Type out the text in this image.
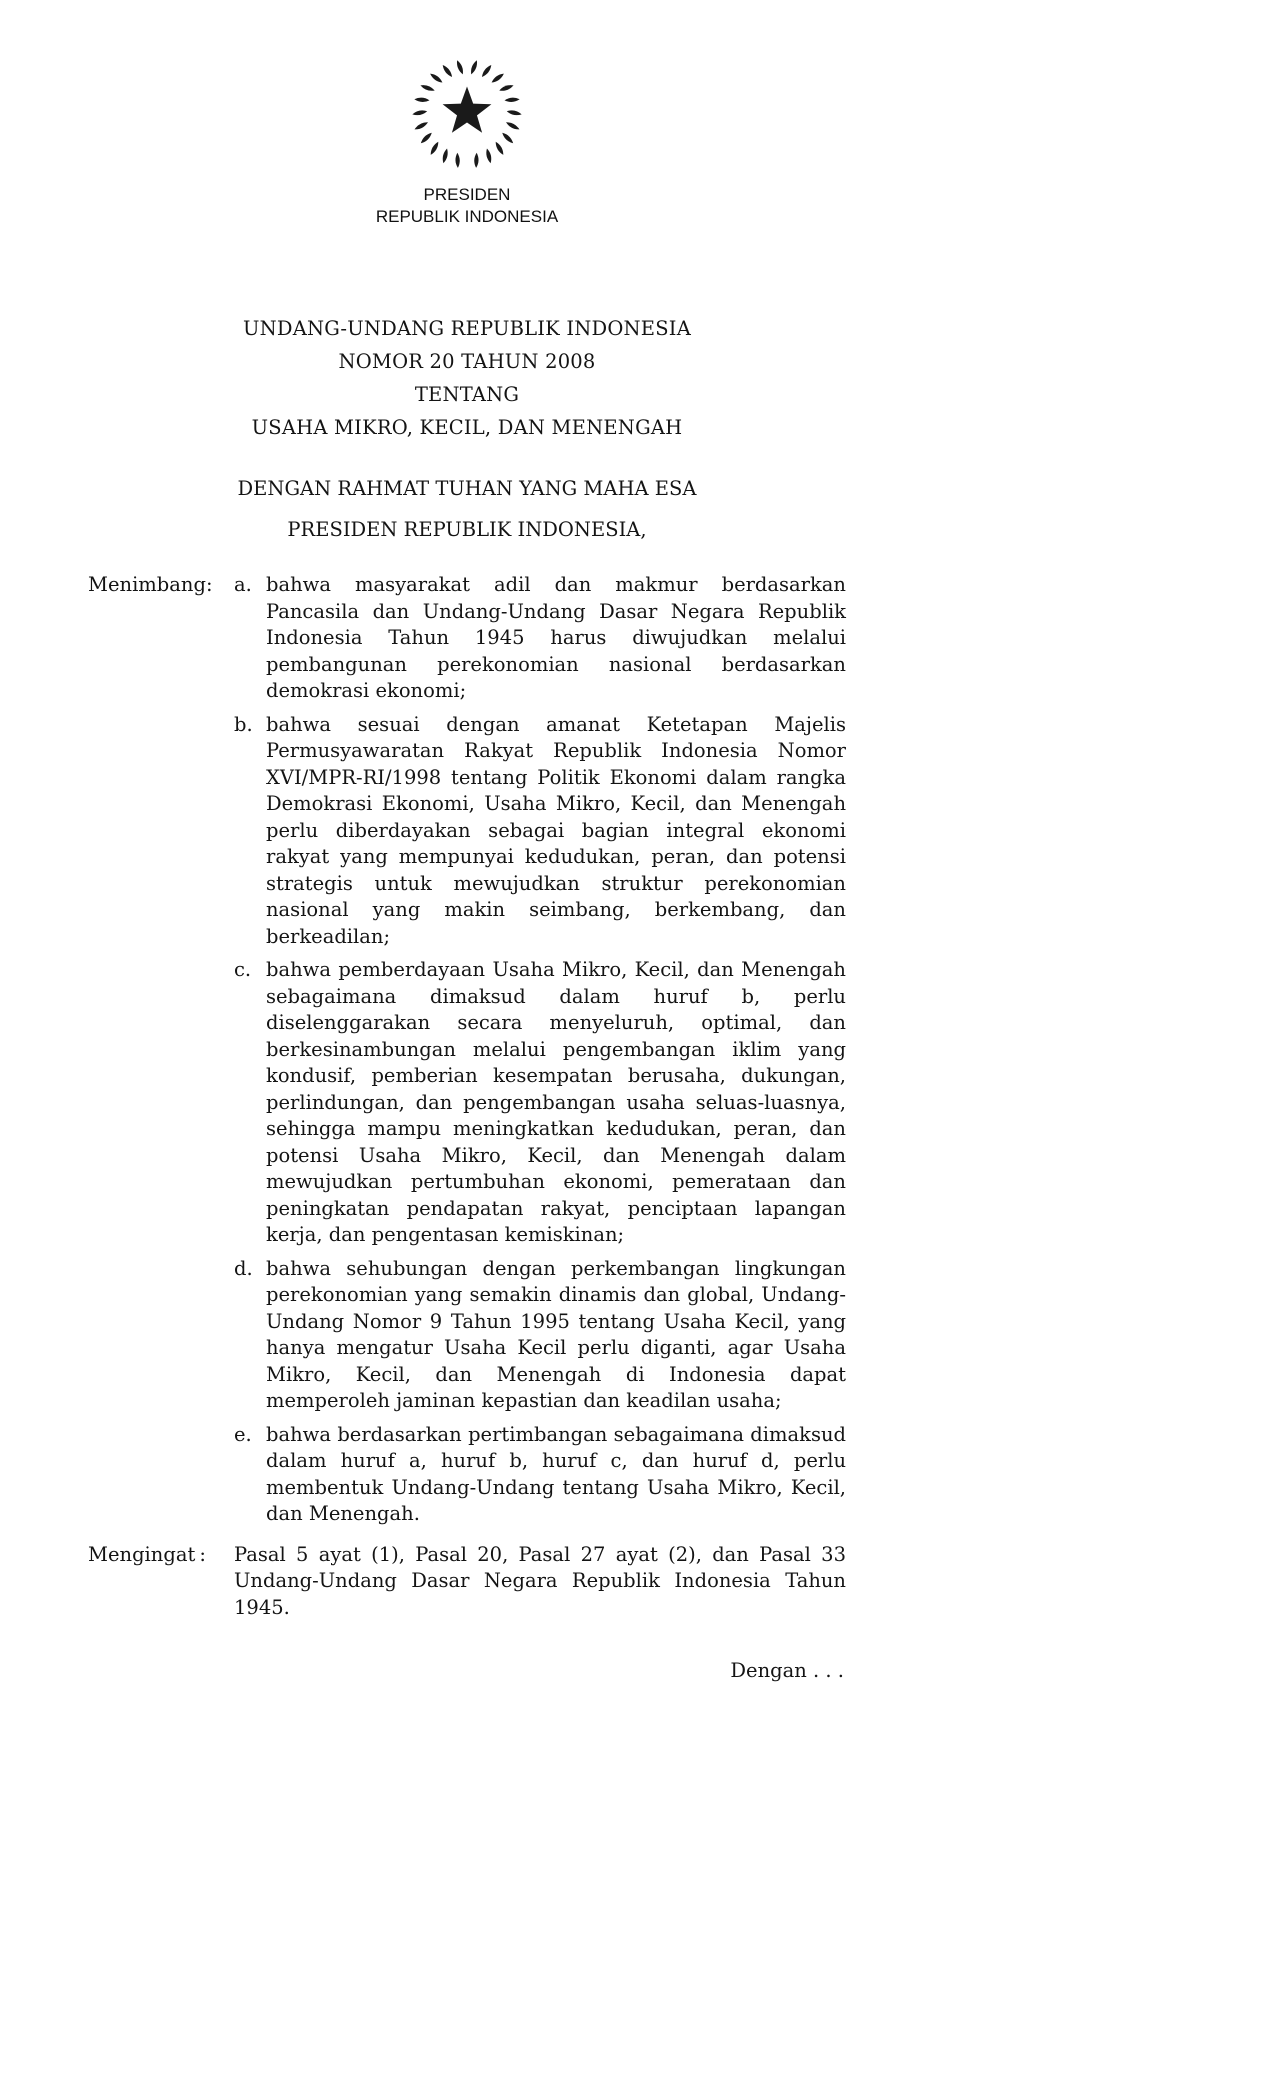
PRESIDEN
REPUBLIK INDONESIA
UNDANG-UNDANG REPUBLIK INDONESIA
NOMOR 20 TAHUN 2008
TENTANG
USAHA MIKRO, KECIL, DAN MENENGAH
DENGAN RAHMAT TUHAN YANG MAHA ESA
PRESIDEN REPUBLIK INDONESIA,
Menimbang : a. bahwa masyarakat adil dan makmur berdasarkan Pancasila dan Undang-Undang Dasar Negara Republik Indonesia Tahun 1945 harus diwujudkan melalui pembangunan perekonomian nasional berdasarkan demokrasi ekonomi;
b. bahwa sesuai dengan amanat Ketetapan Majelis Permusyawaratan Rakyat Republik Indonesia Nomor XVI/MPR-RI/1998 tentang Politik Ekonomi dalam rangka Demokrasi Ekonomi, Usaha Mikro, Kecil, dan Menengah perlu diberdayakan sebagai bagian integral ekonomi rakyat yang mempunyai kedudukan, peran, dan potensi strategis untuk mewujudkan struktur perekonomian nasional yang makin seimbang, berkembang, dan berkeadilan;
c. bahwa pemberdayaan Usaha Mikro, Kecil, dan Menengah sebagaimana dimaksud dalam huruf b, perlu diselenggarakan secara menyeluruh, optimal, dan berkesinambungan melalui pengembangan iklim yang kondusif, pemberian kesempatan berusaha, dukungan, perlindungan, dan pengembangan usaha seluas-luasnya, sehingga mampu meningkatkan kedudukan, peran, dan potensi Usaha Mikro, Kecil, dan Menengah dalam mewujudkan pertumbuhan ekonomi, pemerataan dan peningkatan pendapatan rakyat, penciptaan lapangan kerja, dan pengentasan kemiskinan;
d. bahwa sehubungan dengan perkembangan lingkungan perekonomian yang semakin dinamis dan global, Undang-Undang Nomor 9 Tahun 1995 tentang Usaha Kecil, yang hanya mengatur Usaha Kecil perlu diganti, agar Usaha Mikro, Kecil, dan Menengah di Indonesia dapat memperoleh jaminan kepastian dan keadilan usaha;
e. bahwa berdasarkan pertimbangan sebagaimana dimaksud dalam huruf a, huruf b, huruf c, dan huruf d, perlu membentuk Undang-Undang tentang Usaha Mikro, Kecil, dan Menengah.
Mengingat : Pasal 5 ayat (1), Pasal 20, Pasal 27 ayat (2), dan Pasal 33 Undang-Undang Dasar Negara Republik Indonesia Tahun 1945.
Dengan . . .
